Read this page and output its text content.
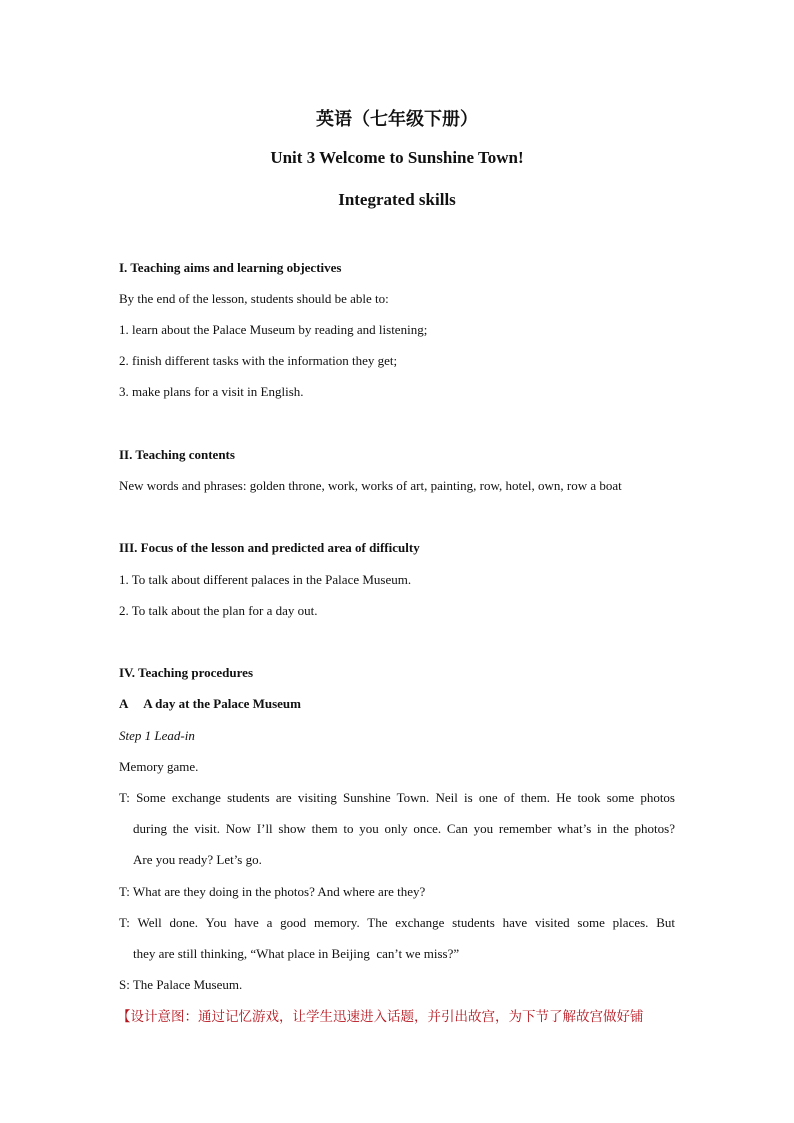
英语（七年级下册）
Unit 3 Welcome to Sunshine Town!
Integrated skills
I. Teaching aims and learning objectives
By the end of the lesson, students should be able to:
1. learn about the Palace Museum by reading and listening;
2. finish different tasks with the information they get;
3. make plans for a visit in English.
II. Teaching contents
New words and phrases: golden throne, work, works of art, painting, row, hotel, own, row a boat
III. Focus of the lesson and predicted area of difficulty
1. To talk about different palaces in the Palace Museum.
2. To talk about the plan for a day out.
IV. Teaching procedures
A     A day at the Palace Museum
Step 1 Lead-in
Memory game.
T: Some exchange students are visiting Sunshine Town. Neil is one of them. He took some photos
during the visit. Now I’ll show them to you only once. Can you remember what’s in the photos?
Are you ready? Let’s go.
T: What are they doing in the photos? And where are they?
T: Well done. You have a good memory. The exchange students have visited some places. But
they are still thinking, “What place in Beijing  can’t we miss?”
S: The Palace Museum.
【设计意图：通过记忆游戏，让学生迅速进入话题，并引出故宫，为下节了解故宫做好铺
